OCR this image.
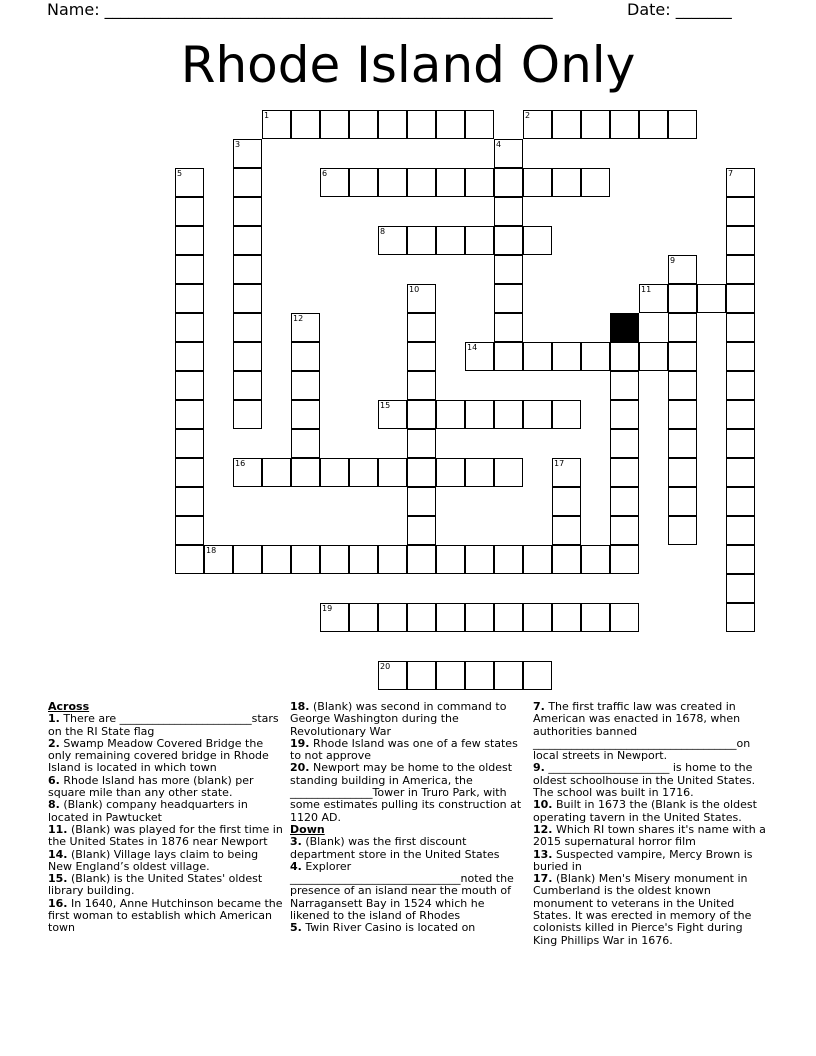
Name: ________________________________________________________	Date: _______
Rhode Island Only
1	2
3	4
5	6	7
8
9
10	11
12	13
14
15
16	17
18
19
20

Across

1. There are ________________________stars on the RI State flag

2. Swamp Meadow Covered Bridge the only remaining covered bridge in Rhode Island is located in which town

6. Rhode Island has more (blank) per square mile than any other state.

8. (Blank) company headquarters in located in Pawtucket

11. (Blank) was played for the first time in the United States in 1876 near Newport

14. (Blank) Village lays claim to being New England’s oldest village.

15. (Blank) is the United States' oldest library building.

16. In 1640, Anne Hutchinson became the first woman to establish which American town

18. (Blank) was second in command to George Washington during the Revolutionary War

19. Rhode Island was one of a few states to not approve

20. Newport may be home to the oldest standing building in America, the _______________Tower in Truro Park, with some estimates pulling its construction at 1120 AD.

Down

3. (Blank) was the first discount department store in the United States

4. Explorer _______________________________noted the presence of an island near the mouth of Narragansett Bay in 1524 which he likened to the island of Rhodes

5. Twin River Casino is located on

7. The first traffic law was created in American was enacted in 1678, when authorities banned _____________________________________on local streets in Newport.

9. ______________________ is home to the oldest schoolhouse in the United States. The school was built in 1716.

10. Built in 1673 the (Blank is the oldest operating tavern in the United States.

12. Which RI town shares it's name with a 2015 supernatural horror film

13. Suspected vampire, Mercy Brown is buried in

17. (Blank) Men's Misery monument in Cumberland is the oldest known monument to veterans in the United States. It was erected in memory of the colonists killed in Pierce's Fight during King Phillips War in 1676.
